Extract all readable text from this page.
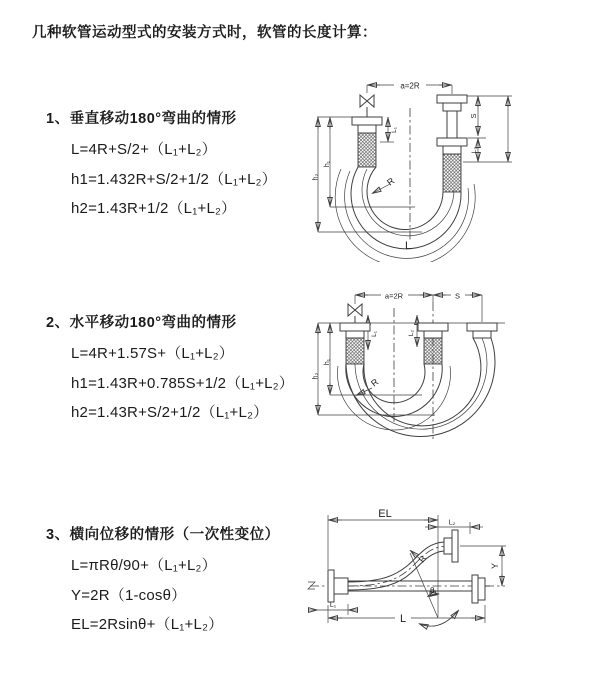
几种软管运动型式的安装方式时，软管的长度计算：
1、垂直移动180°弯曲的情形
L=4R+S/2+（L₁+L₂）
h1=1.432R+S/2+1/2（L₁+L₂）
h2=1.43R+1/2（L₁+L₂）
2、水平移动180°弯曲的情形
L=4R+1.57S+（L₁+L₂）
h1=1.43R+0.785S+1/2（L₁+L₂）
h2=1.43R+S/2+1/2（L₁+L₂）
3、横向位移的情形（一次性变位）
L=πRθ/90+（L₁+L₂）
Y=2R（1-cosθ）
EL=2Rsinθ+（L₁+L₂）
a=2R
L₁
S
L₂
h₁
h₂	R
L
a=2R	S
L₁	L₂
h₁
h₂
R
EL
L₂
Y
R
θ
L
L₁
